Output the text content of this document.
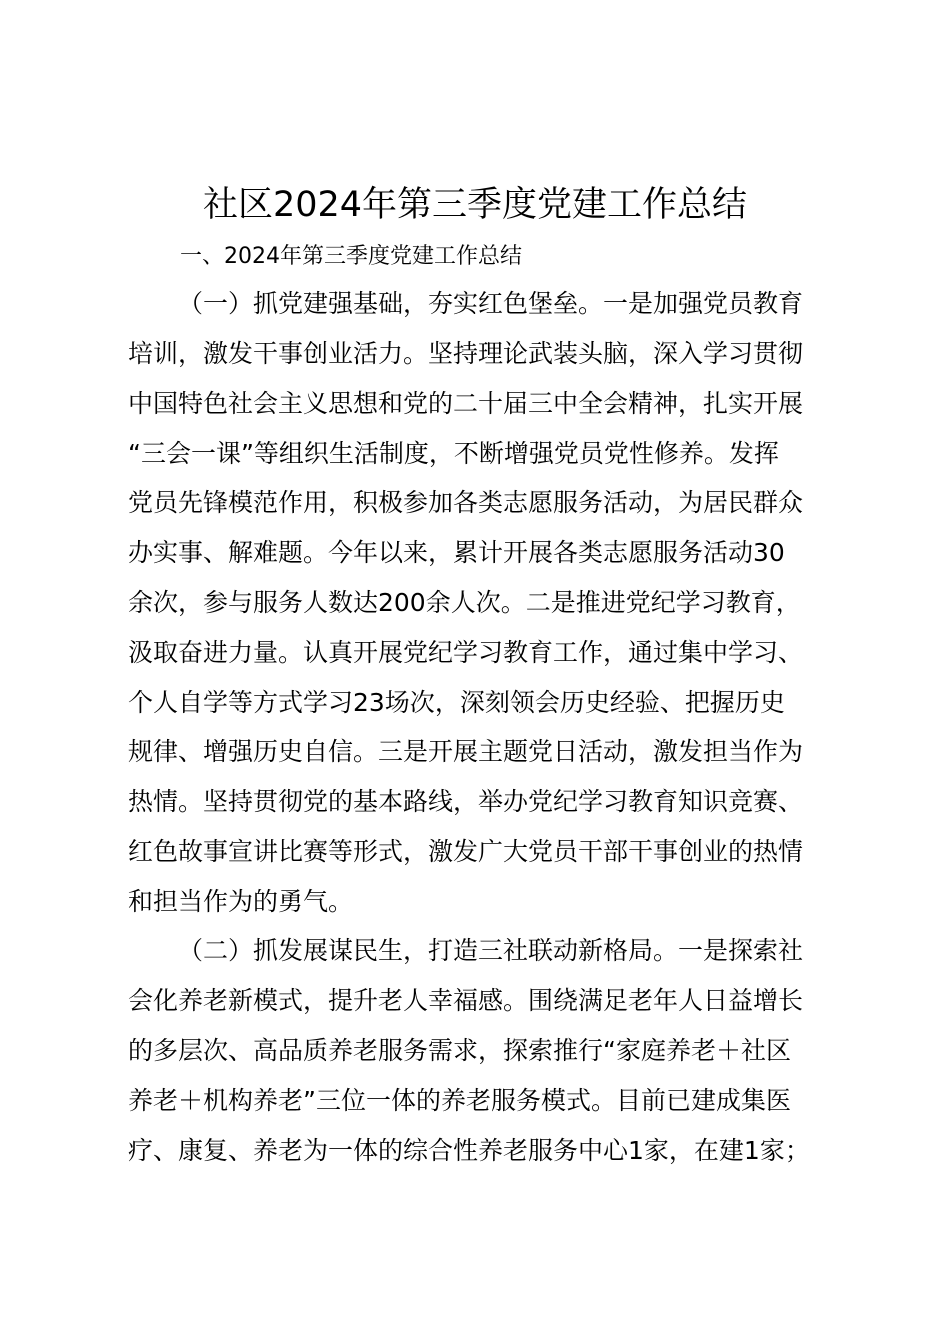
社区2024年第三季度党建工作总结
一、2024年第三季度党建工作总结
（一）抓党建强基础，夯实红色堡垒。一是加强党员教育
培训，激发干事创业活力。坚持理论武装头脑，深入学习贯彻
中国特色社会主义思想和党的二十届三中全会精神，扎实开展
“三会一课”等组织生活制度，不断增强党员党性修养。发挥
党员先锋模范作用，积极参加各类志愿服务活动，为居民群众
办实事、解难题。今年以来，累计开展各类志愿服务活动30
余次，参与服务人数达200余人次。二是推进党纪学习教育，
汲取奋进力量。认真开展党纪学习教育工作，通过集中学习、
个人自学等方式学习23场次，深刻领会历史经验、把握历史
规律、增强历史自信。三是开展主题党日活动，激发担当作为
热情。坚持贯彻党的基本路线，举办党纪学习教育知识竞赛、
红色故事宣讲比赛等形式，激发广大党员干部干事创业的热情
和担当作为的勇气。
（二）抓发展谋民生，打造三社联动新格局。一是探索社
会化养老新模式，提升老人幸福感。围绕满足老年人日益增长
的多层次、高品质养老服务需求，探索推行“家庭养老＋社区
养老＋机构养老”三位一体的养老服务模式。目前已建成集医
疗、康复、养老为一体的综合性养老服务中心1家，在建1家；
